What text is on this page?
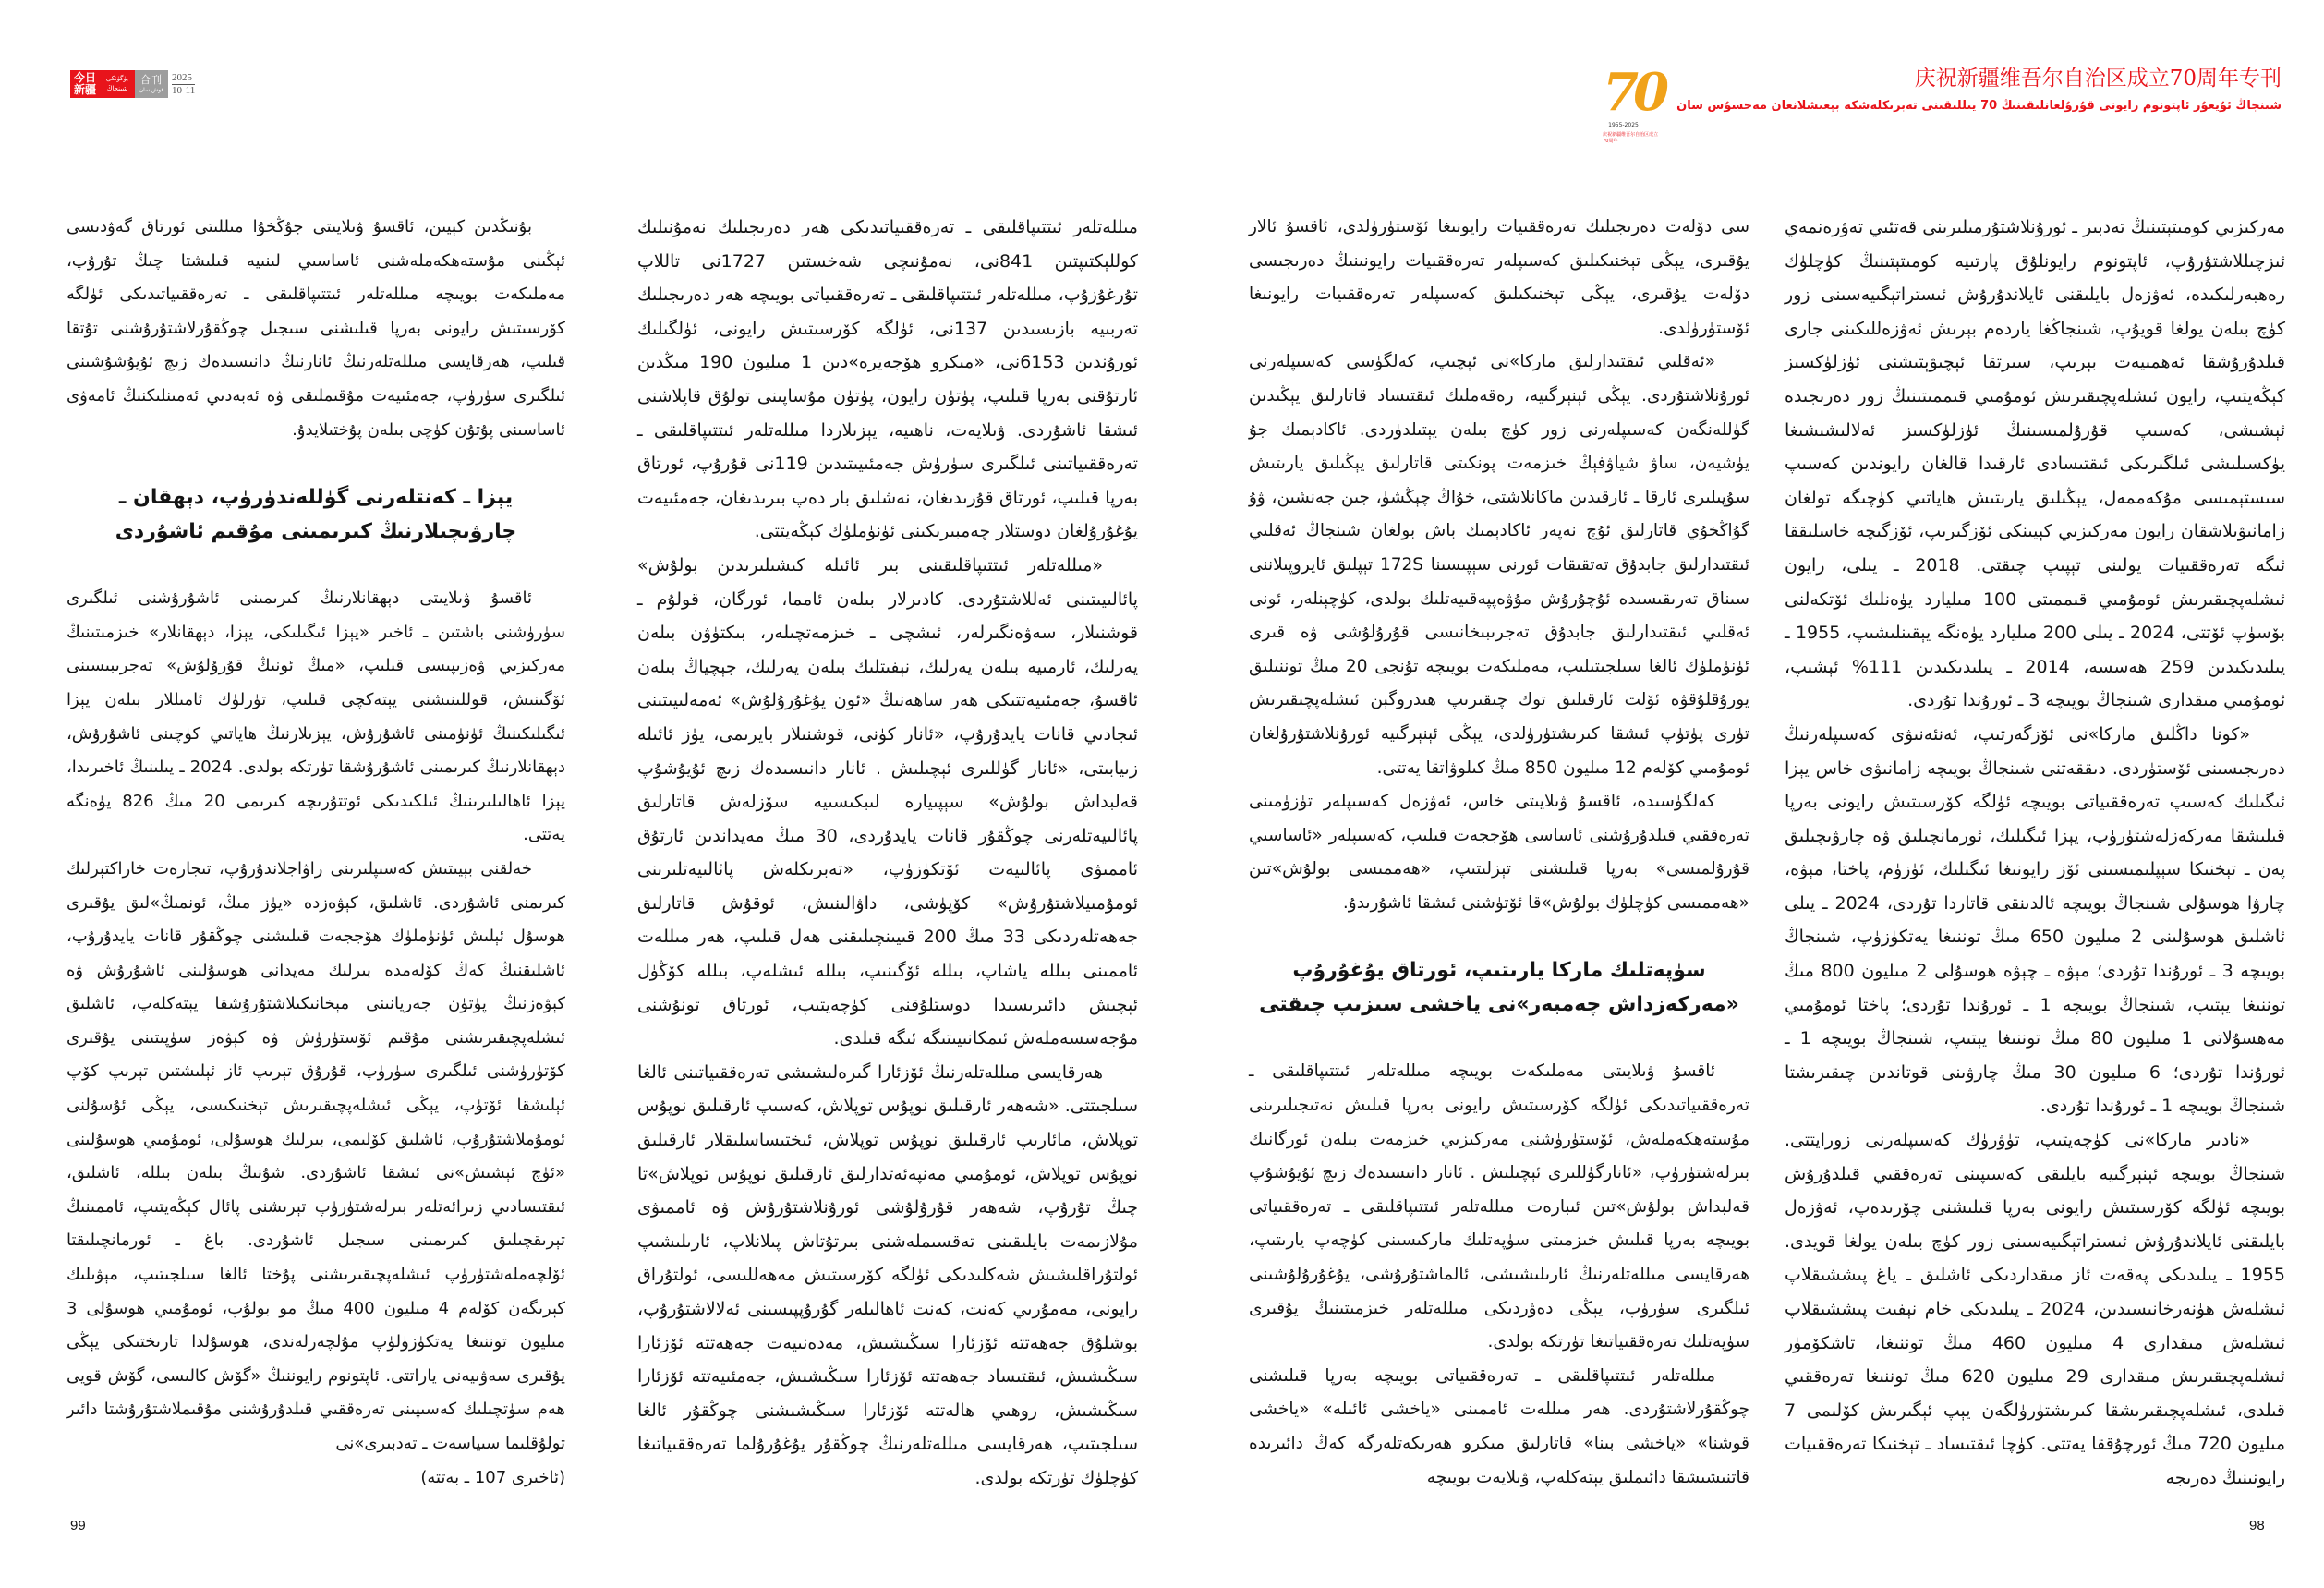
今日新疆
بۈگۈنكى شىنجاڭ
合刊
قوش سان
2025
10-11	70
1955-2025
庆祝新疆维吾尔自治区成立70周年
庆祝新疆维吾尔自治区成立70周年专刊
شىنجاڭ ئۇيغۇر ئاپتونوم رايونى قۇرۇلغانلىقىنىڭ 70 يىللىقىنى تەبرىكلەشكە بېغىشلانغان مەخسۇس سان

مەركىزىي كومىتېتىنىڭ تەدبىر ـ ئورۇنلاشتۇرمىلىرىنى قەتئىي تەۋرەنمەي ئىزچىللاشتۇرۇپ، ئاپتونوم رايونلۇق پارتىيە كومىتېتىنىڭ كۈچلۈك رەھبەرلىكىدە، ئەۋزەل بايلىقنى ئايلاندۇرۇش ئىستراتېگىيەسىنى زور كۈچ بىلەن يولغا قويۇپ، شىنجاڭغا ياردەم بېرىش ئەۋزەللىكىنى جارى قىلدۇرۇشقا ئەھمىيەت بېرىپ، سىرتقا ئېچىۋېتىشنى ئۈزلۈكسىز كېڭەيتىپ، رايون ئىشلەپچىقىرىش ئومۇمىي قىممىتىنىڭ زور دەرىجىدە ئېشىشى، كەسىپ قۇرۇلمىسىنىڭ ئۈزلۈكسىز ئەلالىشىشىغا يۈكسىلىشى ئىلگىرىكى ئىقتىسادى ئارقىدا قالغان رايوندىن كەسىپ سىستېمىسى مۇكەممەل، يېڭىلىق يارىتىش ھاياتىي كۈچىگە تولغان زامانىۋىلاشقان رايون مەركىزىي كېيىنكى ئۆزگىرىپ، ئۆزگىچە خاسلىققا ئىگە تەرەققىيات يولىنى تېپىپ چىقتى. 2018 ـ يىلى، رايون ئىشلەپچىقىرىش ئومۇمىي قىممىتى 100 مىليارد يۈەنلىك ئۆتكەلنى بۆسۈپ ئۆتتى، 2024 ـ يىلى 200 مىليارد يۈەنگە يېقىنلىشىپ، 1955 ـ يىلىدىكىدىن 259 ھەسسە، 2014 ـ يىلىدىكىدىن 111% ئېشىپ، ئومۇمىي مىقدارى شىنجاڭ بويىچە 3 ـ ئورۇندا تۇردى.

«كونا داڭلىق ماركا»نى ئۆزگەرتىپ، ئەنئەنىۋى كەسىپلەرنىڭ دەرىجىسىنى ئۆستۈردى. دىققەتنى شىنجاڭ بويىچە زامانىۋى خاس يېزا ئىگىلىك كەسىپ تەرەققىياتى بويىچە ئۈلگە كۆرسىتىش رايونى بەرپا قىلىشقا مەركەزلەشتۈرۈپ، يېزا ئىگىلىك، ئورمانچىلىق ۋە چارۋىچىلىق پەن ـ تېخنىكا سېپلىمىسىنى ئۆز رايونىغا ئىگىلىك، ئۈزۈم، پاختا، مېۋە، چارۋا ھوسۇلى شىنجاڭ بويىچە ئالدىنقى قاتاردا تۇردى، 2024 ـ يىلى ئاشلىق ھوسۇلىنى 2 مىليون 650 مىڭ توننىغا يەتكۈزۈپ، شىنجاڭ بويىچە 3 ـ ئورۇندا تۇردى؛ مېۋە ـ چېۋە ھوسۇلى 2 مىليون 800 مىڭ توننىغا يېتىپ، شىنجاڭ بويىچە 1 ـ ئورۇندا تۇردى؛ پاختا ئومۇمىي مەھسۇلاتى 1 مىليون 80 مىڭ توننىغا يېتىپ، شىنجاڭ بويىچە 1 ـ ئورۇندا تۇردى؛ 6 مىليون 30 مىڭ چارۋىنى قوتاندىن چىقىرىشتا شىنجاڭ بويىچە 1 ـ ئورۇندا تۇردى.

«نادىر ماركا»نى كۈچەيتىپ، تۈۋرۈك كەسىپلەرنى زورايتتى. شىنجاڭ بويىچە ئېنېرگىيە بايلىقى كەسىپىنى تەرەققىي قىلدۇرۇش بويىچە ئۈلگە كۆرسىتىش رايونى بەرپا قىلىشنى چۆرىدەپ، ئەۋزەل بايلىقنى ئايلاندۇرۇش ئىستراتېگىيەسىنى زور كۈچ بىلەن يولغا قويدى. 1955 ـ يىلىدىكى پەقەت ئاز مىقداردىكى ئاشلىق ـ ياغ پىششىقلاپ ئىشلەش ھۈنەرخانىسىدىن، 2024 ـ يىلىدىكى خام نېفىت پىششىقلاپ ئىشلەش مىقدارى 4 مىليون 460 مىڭ توننىغا، تاشكۆمۈر ئىشلەپچىقىرىش مىقدارى 29 مىليون 620 مىڭ توننىغا تەرەققىي قىلدى، ئىشلەپچىقىرىشقا كىرىشتۈرۈلگەن يېپ ئېگىرىش كۆلىمى 7 مىليون 720 مىڭ ئورچۇققا يەتتى. كۈچا ئىقتىساد ـ تېخنىكا تەرەققىيات رايونىنىڭ دەرىجە

سى دۆلەت دەرىجىلىك تەرەققىيات رايونىغا ئۆستۈرۈلدى، ئاقسۇ ئالار يۇقىرى، يېڭى تېخنىكىلىق كەسىپلەر تەرەققىيات رايونىنىڭ دەرىجىسى دۆلەت يۇقىرى، يېڭى تېخنىكىلىق كەسىپلەر تەرەققىيات رايونىغا ئۆستۈرۈلدى.

«ئەقلىي ئىقتىدارلىق ماركا»نى ئېچىپ، كەلگۈسى كەسىپلەرنى ئورۇنلاشتۇردى. يېڭى ئېنېرگىيە، رەقەملىك ئىقتىساد قاتارلىق يېڭىدىن گۈللەنگەن كەسىپلەرنى زور كۈچ بىلەن يېتىلدۈردى. ئاكادېمىك جۇ يۈشيەن، ساۋ شياۋفېڭ خىزمەت پونكىتى قاتارلىق يېڭىلىق يارىتىش سۇپىلىرى ئارقا ـ ئارقىدىن ماكانلاشتى، خۇاڭ چېڭشۈ، جىن جەنشىن، ۋۇ گۇاڭخۇي قاتارلىق ئۇچ نەپەر ئاكادېمىك باش بولغان شىنجاڭ ئەقلىي ئىقتىدارلىق جابدۇق تەتقىقات ئورنى سېپىسىنا 172S تېپلىق ئايروپىلاننى سىناق تەرىقىسىدە ئۇچۇرۇش مۇۋەپپەقىيەتلىك بولدى، كۈچېنلەر، ئونى ئەقلىي ئىقتىدارلىق جابدۇق تەجرىبىخانىسى قۇرۇلۇشى ۋە قىرى ئۈنۈملۈك ئالغا سىلجىتىلىپ، مەملىكەت بويىچە تۇنجى 20 مىڭ توننىلىق يورۇقلۇقۋە ئۆلت ئارقىلىق توك چىقىرىپ ھىدروگېن ئىشلەپچىقىرىش تۈرى پۈتۈپ ئىشقا كىرىشتۈرۈلدى، يېڭى ئېنېرگىيە ئورۇنلاشتۇرۇلغان ئومۇمىي كۆلەم 12 مىليون 850 مىڭ كىلوۋاتقا يەتتى.

كەلگۈسىدە، ئاقسۇ ۋىلايىتى خاس، ئەۋزەل كەسىپلەر تۈزۈمىنى تەرەققىي قىلدۇرۇشنى ئاساسى ھۆججەت قىلىپ، كەسىپلەر «ئاساسىي قۇرۇلمىسى» بەرپا قىلىشنى تېزلىتىپ، «ھەممىسى بولۇش»تىن «ھەممىسى كۈچلۈك بولۇش»قا ئۆتۈشنى ئىشقا ئاشۇرىدۇ.

سۈپەتلىك ماركا يارىتىپ، ئورتاق يۇغۇرۇپ «مەركەزداش چەمبەر»نى ياخشى سىزىپ چىقتى

ئاقسۇ ۋىلايىتى مەملىكەت بويىچە مىللەتلەر ئىتتىپاقلىقى ـ تەرەققىياتىدىكى ئۈلگە كۆرسىتىش رايونى بەرپا قىلىش نەتىجىلىرىنى مۇستەھكەملەش، ئۆستۈرۈشنى مەركىزىي خىزمەت بىلەن ئورگانىك بىرلەشتۈرۈپ، «ئانارگۈللىرى ئېچىلىش . ئانار دانىسىدەك زىچ ئۇيۇشۇپ قەلبداش بولۇش»تىن ئىبارەت مىللەتلەر ئىتتىپاقلىقى ـ تەرەققىياتى بويىچە بەرپا قىلىش خىزمىتى سۈپەتلىك ماركىسىنى كۈچەپ يارىتىپ، ھەرقايسى مىللەتلەرنىڭ ئارىلىشىشى، ئالماشتۇرۇشى، يۇغۇرۇلۇشىنى ئىلگىرى سۈرۈپ، يېڭى دەۋردىكى مىللەتلەر خىزمىتىنىڭ يۇقىرى سۈپەتلىك تەرەققىياتىغا تۈرتكە بولدى.

مىللەتلەر ئىتتىپاقلىقى ـ تەرەققىياتى بويىچە بەرپا قىلىشنى چوڭقۇرلاشتۇردى. ھەر مىللەت ئاممىنى «ياخشى ئائىلە» «ياخشى قوشنا» «ياخشى بىنا» قاتارلىق مىكرو ھەرىكەتلەرگە كەڭ دائىرىدە قاتنىشىشقا دائىملىق يېتەكلەپ، ۋىلايەت بويىچە

مىللەتلەر ئىتتىپاقلىقى ـ تەرەققىياتىدىكى ھەر دەرىجىلىك نەمۇنىلىك كوللېكتىپتىن 841نى، نەمۇنىچى شەخستىن 1727نى تاللاپ تۇرغۇزۇپ، مىللەتلەر ئىتتىپاقلىقى ـ تەرەققىياتى بويىچە ھەر دەرىجىلىك تەربىيە بازىسىدىن 137نى، ئۈلگە كۆرسىتىش رايونى، ئۈلگىلىك ئورۇندىن 6153نى، «مىكرو ھۆجەيرە»دىن 1 مىليون 190 مىڭدىن ئارتۇقنى بەرپا قىلىپ، پۈتۈن رايون، پۈتۈن مۇساپىنى تولۇق قاپلاشنى ئىشقا ئاشۇردى. ۋىلايەت، ناھىيە، يېزىلاردا مىللەتلەر ئىتتىپاقلىقى ـ تەرەققىياتىنى ئىلگىرى سۈرۈش جەمئىيىتىدىن 119نى قۇرۇپ، ئورتاق بەرپا قىلىپ، ئورتاق قۇرىدىغان، نەشلىق بار دەپ بىرىدىغان، جەمئىيەت يۇغۇرۇلغان دوستلار چەمبىرىكىنى ئۈنۈملۈك كېڭەيتتى.

«مىللەتلەر ئىتتىپاقلىقىنى بىر ئائىلە كىشىلىرىدىن بولۇش» پائالىيىتىنى ئەللاشتۇردى. كادىرلار بىلەن ئامما، ئورگان، قولۇم ـ قوشنىلار، سەۋەنگىرلەر، ئىشچى ـ خىزمەتچىلەر، بىكتۈۋن بىلەن يەرلىك، ئارمىيە بىلەن يەرلىك، نېفىتلىك بىلەن يەرلىك، جېچياڭ بىلەن ئاقسۇ، جەمئىيەتتىكى ھەر ساھەنىڭ «ئون يۇغۇرۇلۇش» ئەمەلىيىتىنى ئىجادىي قانات يايدۇرۇپ، «ئانار كۈنى، قوشنىلار بايرىمى، يۈز ئائىلە زىيابىتى، «ئانار گۈللىرى ئېچىلىش . ئانار دانىسىدەك زىچ ئۇيۇشۇپ قەلبداش بولۇش» سېپىيارە لىبكىسىيە سۆزلەش قاتارلىق پائالىيەتلەرنى چوڭقۇر قانات يايدۇردى، 30 مىڭ مەيداندىن ئارتۇق ئاممىۋى پائالىيەت ئۆتكۈزۈپ، «تەبرىكلەش پائالىيەتلىرىنى ئومۇمىيلاشتۇرۇش» كۆپۈشى، داۋالىنىش، ئوقۇش قاتارلىق جەھەتلەردىكى 33 مىڭ 200 قىيىنچىلىقنى ھەل قىلىپ، ھەر مىللەت ئاممىنى بىللە ياشاپ، بىللە ئۆگىنىپ، بىللە ئىشلەپ، بىللە كۆڭۈل ئېچىش دائىرىسىدا دوستلۇقنى كۈچەيتىپ، ئورتاق تونۇشنى مۇجەسسەملەش ئىمكانىيىتىگە ئىگە قىلدى.

ھەرقايسى مىللەتلەرنىڭ ئۆزئارا گىرەلىشىشى تەرەققىياتىنى ئالغا سىلجىتتى. «شەھەر ئارقىلىق نوپۇس توپلاش، كەسىپ ئارقىلىق نوپۇس توپلاش، مائارىپ ئارقىلىق نوپۇس توپلاش، ئىختىساسلىقلار ئارقىلىق نوپۇس توپلاش، ئومۇمىي مەنپەئەتدارلىق ئارقىلىق نوپۇس توپلاش»تا چىڭ تۇرۇپ، شەھەر قۇرۇلۇشى ئورۇنلاشتۇرۇش ۋە ئاممىۋى مۇلازىمەت بايلىقىنى تەقسىملەشنى بىرتۇتاش پىلانلاپ، ئارىلىشىپ ئولتۇراقلىشىش شەكلىدىكى ئۈلگە كۆرسىتىش مەھەللىسى، ئولتۇراق رايونى، مەمۇرىي كەنت، كەنت ئاھالىلەر گۇرۇپپىسىنى ئەلالاشتۇرۇپ، بوشلۇق جەھەتتە ئۆزئارا سىڭىشىش، مەدەنىيەت جەھەتتە ئۆزئارا سىڭىشىش، ئىقتىساد جەھەتتە ئۆزئارا سىڭىشىش، جەمئىيەتتە ئۆزئارا سىڭىشىش، روھىي ھالەتتە ئۆزئارا سىڭىشىشنى چوڭقۇر ئالغا سىلجىتىپ، ھەرقايسى مىللەتلەرنىڭ چوڭقۇر يۇغۇرۇلما تەرەققىياتىغا كۈچلۈك تۈرتكە بولدى.

بۇنىڭدىن كېيىن، ئاقسۇ ۋىلايىتى جۇڭخۇا مىللىتى ئورتاق گەۋدىسى ئېڭىنى مۇستەھكەملەشنى ئاساسىي لىنىيە قىلىشتا چىڭ تۇرۇپ، مەملىكەت بويىچە مىللەتلەر ئىتتىپاقلىقى ـ تەرەققىياتىدىكى ئۈلگە كۆرسىتىش رايونى بەرپا قىلىشنى سىجىل چوڭقۇرلاشتۇرۇشنى تۇتقا قىلىپ، ھەرقايسى مىللەتلەرنىڭ ئانارنىڭ دانىسىدەك زىچ ئۇيۇشۇشىنى ئىلگىرى سۈرۈپ، جەمئىيەت مۇقىملىقى ۋە ئەبەدىي ئەمىنلىكنىڭ ئامەۋى ئاساسىنى پۇتۇن كۈچى بىلەن پۇختىلايدۇ.

يېزا ـ كەنتلەرنى گۈللەندۈرۈپ، دېھقان ـ چارۋىچىلارنىڭ كىرىمىنى مۇقىم ئاشۇردى

ئاقسۇ ۋىلايىتى دېھقانلارنىڭ كىرىمىنى ئاشۇرۇشنى ئىلگىرى سۈرۈشنى باشتىن ـ ئاخىر «يېزا ئىگىلىكى، يېزا، دېھقانلار» خىزمىتىنىڭ مەركىزىي ۋەزىپىسى قىلىپ، «مىڭ ئونىڭ قۇرۇلۇش» تەجرىبىسىنى ئۆگىنىش، قوللىنىشنى يېتەكچى قىلىپ، تۈرلۈك ئامىللار بىلەن يېزا ئىگىلىكىنىڭ ئۈنۈمىنى ئاشۇرۇش، يېزىلارنىڭ ھاياتىي كۈچىنى ئاشۇرۇش، دېھقانلارنىڭ كىرىمىنى ئاشۇرۇشقا تۈرتكە بولدى. 2024 ـ يىلىنىڭ ئاخىرىدا، يېزا ئاھالىلىرىنىڭ ئىلكىدىكى ئوتتۇرىچە كىرىمى 20 مىڭ 826 يۈەنگە يەتتى.

خەلقنى بېيىتىش كەسىپلىرىنى راۋاجلاندۇرۇپ، تىجارەت خاراكتېرلىك كىرىمنى ئاشۇردى. ئاشلىق، كېۋەزدە «يۈز مىڭ، ئونمىڭ»لىق يۇقىرى ھوسۇل ئېلىش ئۈنۈملۈك ھۆججەت قىلىشنى چوڭقۇر قانات يايدۇرۇپ، ئاشلىقنىڭ كەڭ كۆلەمدە بىرلىك مەيدانى ھوسۇلىنى ئاشۇرۇش ۋە كېۋەزنىڭ پۈتۈن جەريانىنى مېخانىكىلاشتۇرۇشقا يېتەكلەپ، ئاشلىق ئىشلەپچىقىرىشنى مۇقىم ئۆستۈرۈش ۋە كېۋەز سۈپىتىنى يۇقىرى كۆتۈرۈشنى ئىلگىرى سۈرۈپ، قۇرۇق تېرىپ ئاز ئېلىشتىن تېرىپ كۆپ ئېلىشقا ئۆتۈپ، يېڭى ئىشلەپچىقىرىش تېخنىكىسى، يېڭى ئۇسۇلنى ئومۇملاشتۇرۇپ، ئاشلىق كۆلىمى، بىرلىك ھوسۇلى، ئومۇمىي ھوسۇلىنى «ئۈچ ئېشىش»نى ئىشقا ئاشۇردى. شۇنىڭ بىلەن بىللە، ئاشلىق، ئىقتىسادىي زىرائەتلەر بىرلەشتۈرۈپ تېرىشنى پائال كېڭەيتىپ، ئاممىنىڭ تېرىقچىلىق كىرىمىنى سىجىل ئاشۇردى. باغ ـ ئورمانچىلىقتا ئۆلچەملەشتۈرۈپ ئىشلەپچىقىرىشنى پۇختا ئالغا سىلجىتىپ، مېۋىلىك كېرىگەن كۆلەم 4 مىليون 400 مىڭ مو بولۇپ، ئومۇمىي ھوسۇلى 3 مىليون توننىغا يەتكۈزۈلۈپ مۇلچەرلەندى، ھوسۇلدا تارىختىكى يېڭى يۇقىرى سەۋىيەنى ياراتتى. ئاپتونوم رايوننىڭ «گۆش كالىسى، گۆش قويى ھەم سۈتچىلىك كەسىپىنى تەرەققىي قىلدۇرۇشنى مۇقىملاشتۇرۇشتا دائىر تولۇقلىما سىياسەت ـ تەدبىرى»نى

(ئاخىرى 107 ـ بەتتە)

99	98
